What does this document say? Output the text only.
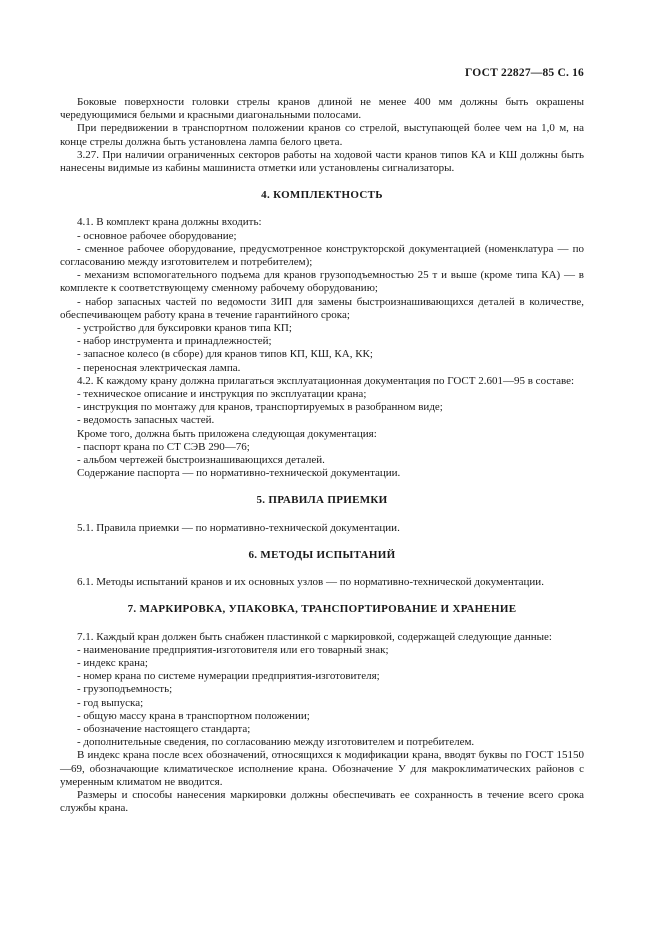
ГОСТ 22827—85 С. 16

Боковые поверхности головки стрелы кранов длиной не менее 400 мм должны быть окрашены чередующимися белыми и красными диагональными полосами.

При передвижении в транспортном положении кранов со стрелой, выступающей более чем на 1,0 м, на конце стрелы должна быть установлена лампа белого цвета.

3.27. При наличии ограниченных секторов работы на ходовой части кранов типов КА и КШ должны быть нанесены видимые из кабины машиниста отметки или установлены сигнализаторы.

4. КОМПЛЕКТНОСТЬ

4.1. В комплект крана должны входить:

- основное рабочее оборудование;

- сменное рабочее оборудование, предусмотренное конструкторской документацией (номенклатура — по согласованию между изготовителем и потребителем);

- механизм вспомогательного подъема для кранов грузоподъемностью 25 т и выше (кроме типа КА) — в комплекте к соответствующему сменному рабочему оборудованию;

- набор запасных частей по ведомости ЗИП для замены быстроизнашивающихся деталей в количестве, обеспечивающем работу крана в течение гарантийного срока;

- устройство для буксировки кранов типа КП;

- набор инструмента и принадлежностей;

- запасное колесо (в сборе) для кранов типов КП, КШ, КА, КК;

- переносная электрическая лампа.

4.2. К каждому крану должна прилагаться эксплуатационная документация по ГОСТ 2.601—95 в составе:

- техническое описание и инструкция по эксплуатации крана;

- инструкция по монтажу для кранов, транспортируемых в разобранном виде;

- ведомость запасных частей.

Кроме того, должна быть приложена следующая документация:

- паспорт крана по СТ СЭВ 290—76;

- альбом чертежей быстроизнашивающихся деталей.

Содержание паспорта — по нормативно-технической документации.

5. ПРАВИЛА ПРИЕМКИ

5.1. Правила приемки — по нормативно-технической документации.

6. МЕТОДЫ ИСПЫТАНИЙ

6.1. Методы испытаний кранов и их основных узлов — по нормативно-технической документации.

7. МАРКИРОВКА, УПАКОВКА, ТРАНСПОРТИРОВАНИЕ И ХРАНЕНИЕ

7.1. Каждый кран должен быть снабжен пластинкой с маркировкой, содержащей следующие данные:

- наименование предприятия-изготовителя или его товарный знак;

- индекс крана;

- номер крана по системе нумерации предприятия-изготовителя;

- грузоподъемность;

- год выпуска;

- общую массу крана в транспортном положении;

- обозначение настоящего стандарта;

- дополнительные сведения, по согласованию между изготовителем и потребителем.

В индекс крана после всех обозначений, относящихся к модификации крана, вводят буквы по ГОСТ 15150—69, обозначающие климатическое исполнение крана. Обозначение У для макроклиматических районов с умеренным климатом не вводится.

Размеры и способы нанесения маркировки должны обеспечивать ее сохранность в течение всего срока службы крана.
